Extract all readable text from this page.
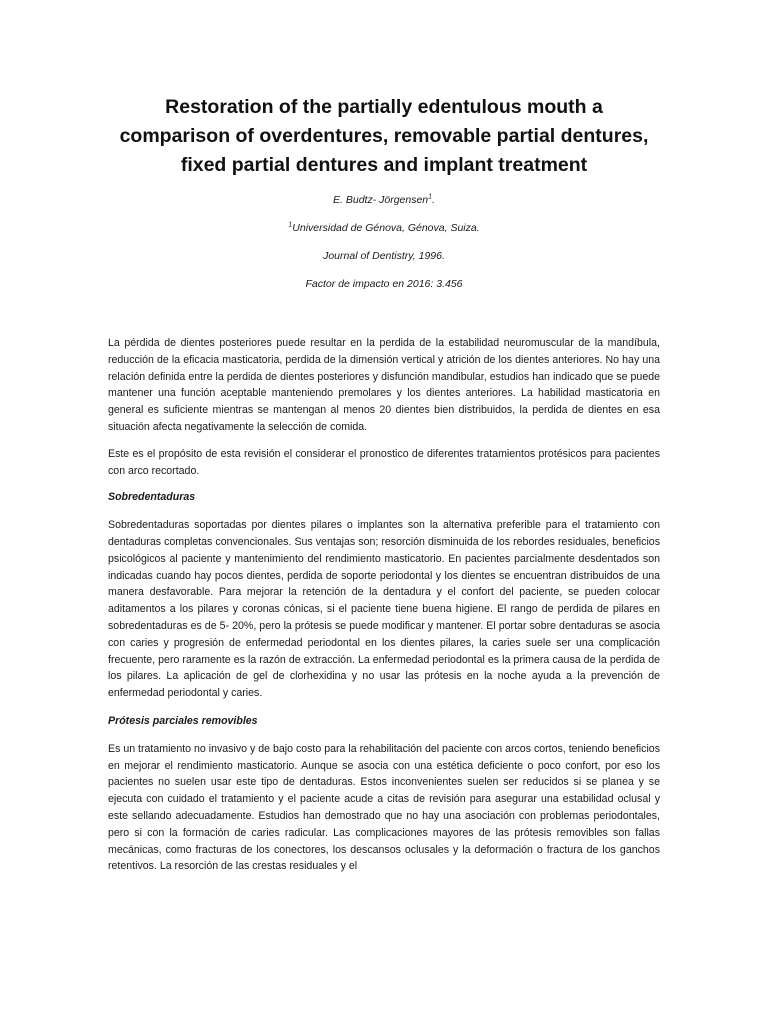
Restoration of the partially edentulous mouth a
comparison of overdentures, removable partial dentures,
fixed partial dentures and implant treatment

E. Budtz- Jörgensen$^1$.

$^1$Universidad de Génova, Génova, Suiza.

Journal of Dentistry, 1996.

Factor de impacto en 2016: 3.456

La pérdida de dientes posteriores puede resultar en la perdida de la estabilidad neuromuscular de la mandíbula, reducción de la eficacia masticatoria, perdida de la dimensión vertical y atrición de los dientes anteriores. No hay una relación definida entre la perdida de dientes posteriores y disfunción mandibular, estudios han indicado que se puede mantener una función aceptable manteniendo premolares y los dientes anteriores. La habilidad masticatoria en general es suficiente mientras se mantengan al menos 20 dientes bien distribuidos, la perdida de dientes en esa situación afecta negativamente la selección de comida.

Este es el propósito de esta revisión el considerar el pronostico de diferentes tratamientos protésicos para pacientes con arco recortado.

Sobredentaduras

Sobredentaduras soportadas por dientes pilares o implantes son la alternativa preferible para el tratamiento con dentaduras completas convencionales. Sus ventajas son; resorción disminuida de los rebordes residuales, beneficios psicológicos al paciente y mantenimiento del rendimiento masticatorio. En pacientes parcialmente desdentados son indicadas cuando hay pocos dientes, perdida de soporte periodontal y los dientes se encuentran distribuidos de una manera desfavorable. Para mejorar la retención de la dentadura y el confort del paciente, se pueden colocar aditamentos a los pilares y coronas cónicas, si el paciente tiene buena higiene. El rango de perdida de pilares en sobredentaduras es de 5- 20%, pero la prótesis se puede modificar y mantener. El portar sobre dentaduras se asocia con caries y progresión de enfermedad periodontal en los dientes pilares, la caries suele ser una complicación frecuente, pero raramente es la razón de extracción. La enfermedad periodontal es la primera causa de la perdida de los pilares. La aplicación de gel de clorhexidina y no usar las prótesis en la noche ayuda a la prevención de enfermedad periodontal y caries.

Prótesis parciales removibles

Es un tratamiento no invasivo y de bajo costo para la rehabilitación del paciente con arcos cortos, teniendo beneficios en mejorar el rendimiento masticatorio. Aunque se asocia con una estética deficiente o poco confort, por eso los pacientes no suelen usar este tipo de dentaduras. Estos inconvenientes suelen ser reducidos si se planea y se ejecuta con cuidado el tratamiento y el paciente acude a citas de revisión para asegurar una estabilidad oclusal y este sellando adecuadamente. Estudios han demostrado que no hay una asociación con problemas periodontales, pero si con la formación de caries radicular. Las complicaciones mayores de las prótesis removibles son fallas mecánicas, como fracturas de los conectores, los descansos oclusales y la deformación o fractura de los ganchos retentivos. La resorción de las crestas residuales y el
